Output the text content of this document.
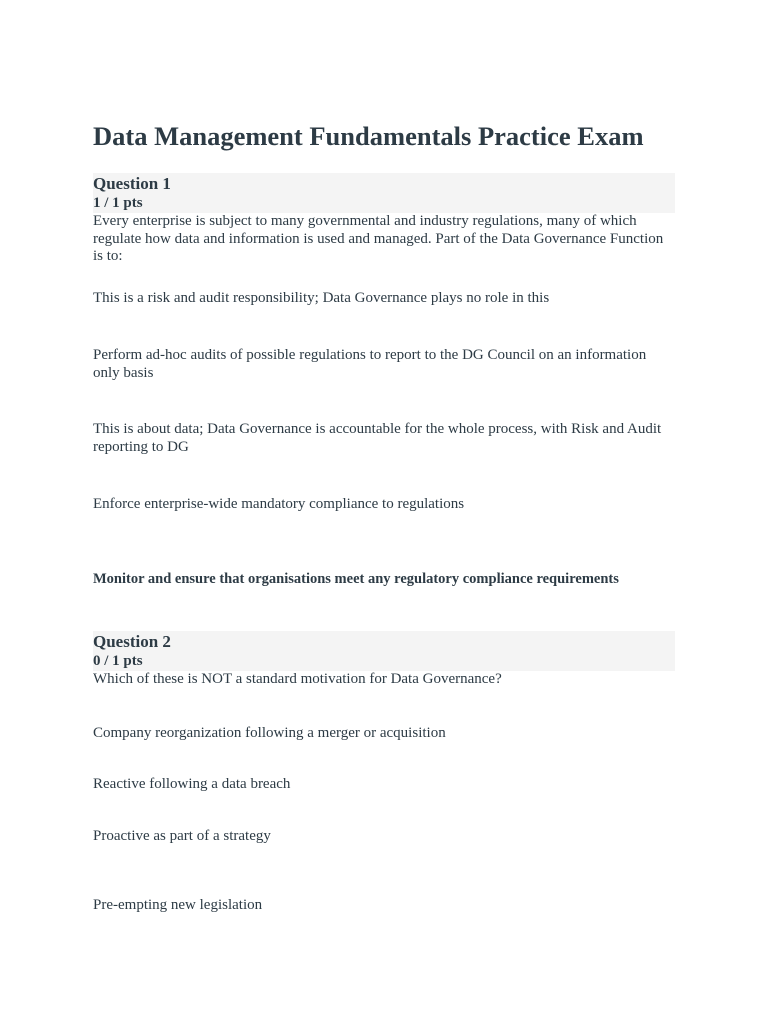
Data Management Fundamentals Practice Exam
Question 1
1 / 1 pts

Every enterprise is subject to many governmental and industry regulations, many of which regulate how data and information is used and managed. Part of the Data Governance Function is to:

This is a risk and audit responsibility; Data Governance plays no role in this
Perform ad-hoc audits of possible regulations to report to the DG Council on an information only basis
This is about data; Data Governance is accountable for the whole process, with Risk and Audit reporting to DG
Enforce enterprise-wide mandatory compliance to regulations
Monitor and ensure that organisations meet any regulatory compliance requirements
Question 2
0 / 1 pts

Which of these is NOT a standard motivation for Data Governance?

Company reorganization following a merger or acquisition
Reactive following a data breach
Proactive as part of a strategy
Pre-empting new legislation
